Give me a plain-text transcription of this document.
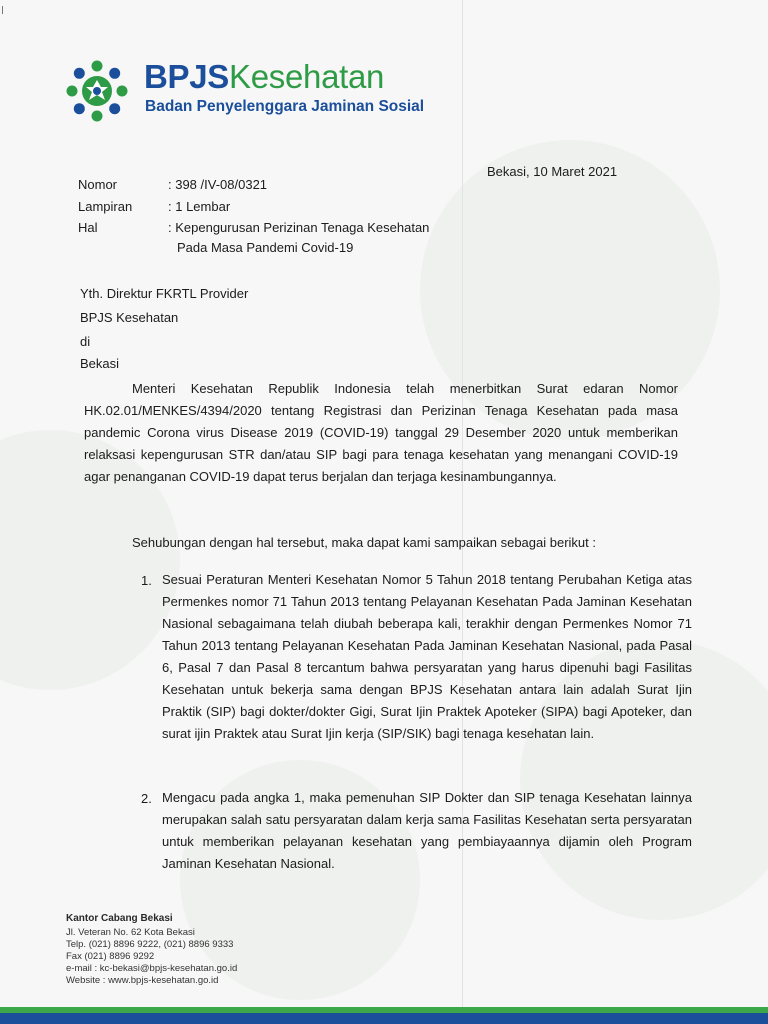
BPJSKesehatan
Badan Penyelenggara Jaminan Sosial
Bekasi, 10 Maret 2021
Nomor	: 398 /IV-08/0321
Lampiran	: 1 Lembar
Hal	: Kepengurusan Perizinan Tenaga Kesehatan
Pada Masa Pandemi Covid-19
Yth. Direktur FKRTL Provider
BPJS Kesehatan
di
Bekasi
Menteri Kesehatan Republik Indonesia telah menerbitkan Surat edaran Nomor HK.02.01/MENKES/4394/2020 tentang Registrasi dan Perizinan Tenaga Kesehatan pada masa pandemic Corona virus Disease 2019 (COVID-19) tanggal 29 Desember 2020 untuk memberikan relaksasi kepengurusan STR dan/atau SIP bagi para tenaga kesehatan yang menangani COVID-19 agar penanganan COVID-19 dapat terus berjalan dan terjaga kesinambungannya.
Sehubungan dengan hal tersebut, maka dapat kami sampaikan sebagai berikut :
1. Sesuai Peraturan Menteri Kesehatan Nomor 5 Tahun 2018 tentang Perubahan Ketiga atas Permenkes nomor 71 Tahun 2013 tentang Pelayanan Kesehatan Pada Jaminan Kesehatan Nasional sebagaimana telah diubah beberapa kali, terakhir dengan Permenkes Nomor 71 Tahun 2013 tentang Pelayanan Kesehatan Pada Jaminan Kesehatan Nasional, pada Pasal 6, Pasal 7 dan Pasal 8 tercantum bahwa persyaratan yang harus dipenuhi bagi Fasilitas Kesehatan untuk bekerja sama dengan BPJS Kesehatan antara lain adalah Surat Ijin Praktik (SIP) bagi dokter/dokter Gigi, Surat Ijin Praktek Apoteker (SIPA) bagi Apoteker, dan surat ijin Praktek atau Surat Ijin kerja (SIP/SIK) bagi tenaga kesehatan lain.
2. Mengacu pada angka 1, maka pemenuhan SIP Dokter dan SIP tenaga Kesehatan lainnya merupakan salah satu persyaratan dalam kerja sama Fasilitas Kesehatan serta persyaratan untuk memberikan pelayanan kesehatan yang pembiayaannya dijamin oleh Program Jaminan Kesehatan Nasional.
Kantor Cabang Bekasi
Jl. Veteran No. 62 Kota Bekasi
Telp. (021) 8896 9222, (021) 8896 9333
Fax (021) 8896 9292
e-mail : kc-bekasi@bpjs-kesehatan.go.id
Website : www.bpjs-kesehatan.go.id
